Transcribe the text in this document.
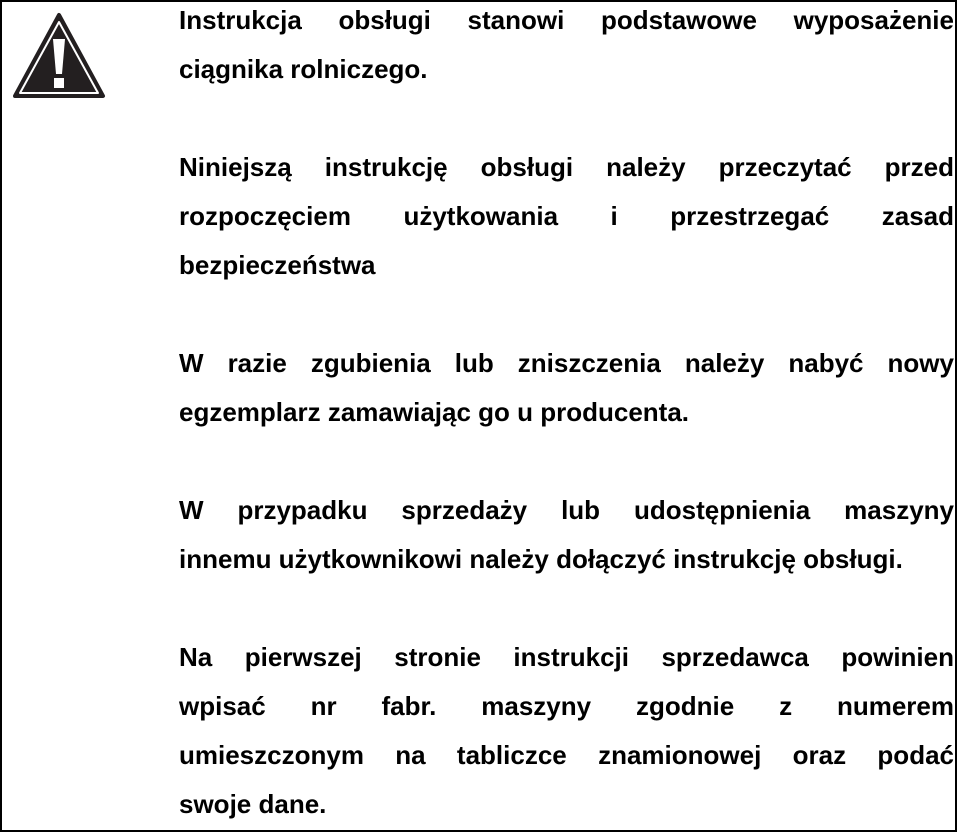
Instrukcja obsługi stanowi podstawowe wyposażenie
ciągnika rolniczego.

Niniejszą instrukcję obsługi należy przeczytać przed
rozpoczęciem użytkowania i przestrzegać zasad
bezpieczeństwa

W razie zgubienia lub zniszczenia należy nabyć nowy
egzemplarz zamawiając go u producenta.

W przypadku sprzedaży lub udostępnienia maszyny
innemu użytkownikowi należy dołączyć instrukcję obsługi.

Na pierwszej stronie instrukcji sprzedawca powinien
wpisać nr fabr. maszyny zgodnie z numerem
umieszczonym na tabliczce znamionowej oraz podać
swoje dane.
